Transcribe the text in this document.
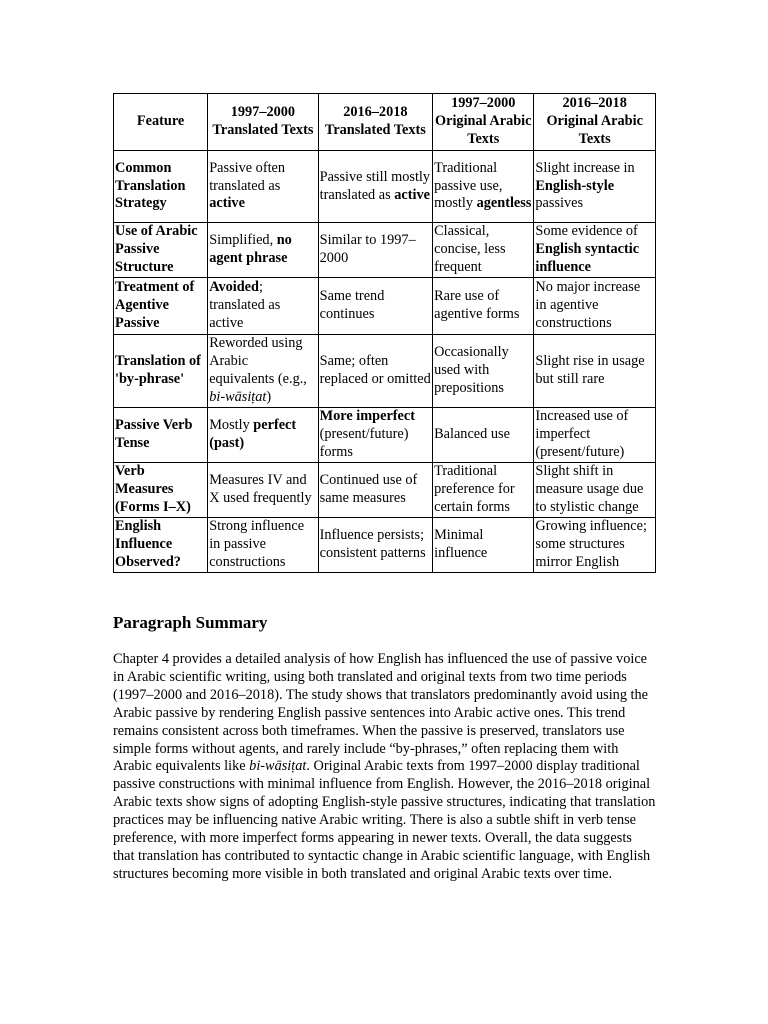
Feature	1997–2000 Translated Texts	2016–2018 Translated Texts	1997–2000 Original Arabic Texts	2016–2018 Original Arabic Texts
Common Translation Strategy	Passive often translated as active	Passive still mostly translated as active	Traditional passive use, mostly agentless	Slight increase in English-style passives
Use of Arabic Passive Structure	Simplified, no agent phrase	Similar to 1997–2000	Classical, concise, less frequent	Some evidence of English syntactic influence
Treatment of Agentive Passive	Avoided; translated as active	Same trend continues	Rare use of agentive forms	No major increase in agentive constructions
Translation of 'by-phrase'	Reworded using Arabic equivalents (e.g., bi-wāsiṭat)	Same; often replaced or omitted	Occasionally used with prepositions	Slight rise in usage but still rare
Passive Verb Tense	Mostly perfect (past)	More imperfect (present/future) forms	Balanced use	Increased use of imperfect (present/future)
Verb Measures (Forms I–X)	Measures IV and X used frequently	Continued use of same measures	Traditional preference for certain forms	Slight shift in measure usage due to stylistic change
English Influence Observed?	Strong influence in passive constructions	Influence persists; consistent patterns	Minimal influence	Growing influence; some structures mirror English
Paragraph Summary

Chapter 4 provides a detailed analysis of how English has influenced the use of passive voice in Arabic scientific writing, using both translated and original texts from two time periods (1997–2000 and 2016–2018). The study shows that translators predominantly avoid using the Arabic passive by rendering English passive sentences into Arabic active ones. This trend remains consistent across both timeframes. When the passive is preserved, translators use simple forms without agents, and rarely include “by-phrases,” often replacing them with Arabic equivalents like bi-wāsiṭat. Original Arabic texts from 1997–2000 display traditional passive constructions with minimal influence from English. However, the 2016–2018 original Arabic texts show signs of adopting English-style passive structures, indicating that translation practices may be influencing native Arabic writing. There is also a subtle shift in verb tense preference, with more imperfect forms appearing in newer texts. Overall, the data suggests that translation has contributed to syntactic change in Arabic scientific language, with English structures becoming more visible in both translated and original Arabic texts over time.
